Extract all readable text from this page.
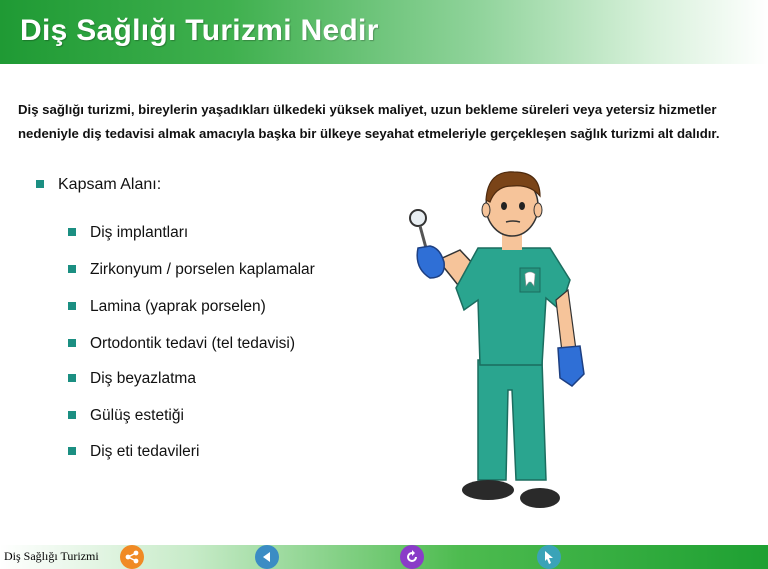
Diş Sağlığı Turizmi Nedir
Diş sağlığı turizmi, bireylerin yaşadıkları ülkedeki yüksek maliyet, uzun bekleme süreleri veya yetersiz hizmetler nedeniyle diş tedavisi almak amacıyla başka bir ülkeye seyahat etmeleriyle gerçekleşen sağlık turizmi alt dalıdır.
Kapsam Alanı:
Diş implantları
Zirkonyum / porselen kaplamalar
Lamina (yaprak porselen)
Ortodontik tedavi (tel tedavisi)
Diş beyazlatma
Gülüş estetiği
Diş eti tedavileri
Diş Sağlığı Turizmi
